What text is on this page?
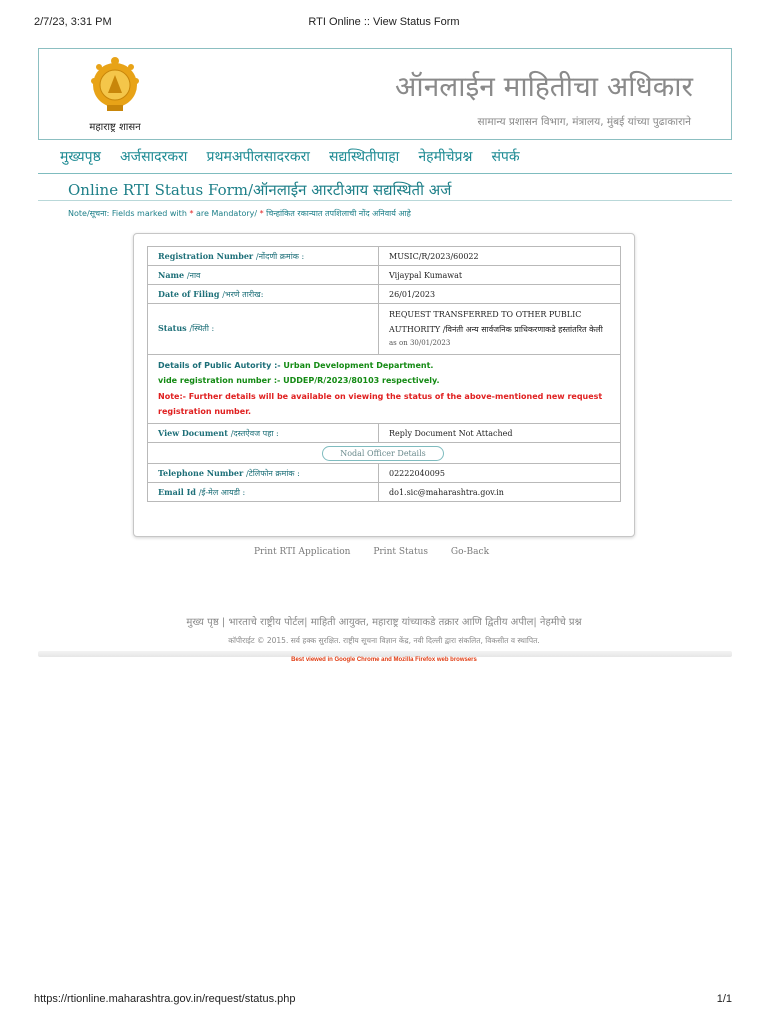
2/7/23, 3:31 PM	RTI Online :: View Status Form
महाराष्ट्र शासन
ऑनलाईन माहितीचा अधिकार
सामान्य प्रशासन विभाग, मंत्रालय, मुंबई यांच्या पुढाकाराने
मुख्यपृष्ठ अर्जसादरकरा प्रथमअपीलसादरकरा सद्यस्थितीपाहा नेहमीचेप्रश्न संपर्क
Online RTI Status Form/ऑनलाईन आरटीआय सद्यस्थिती अर्ज
Note/सूचना: Fields marked with * are Mandatory/ * चिन्हांकित रकान्यात तपशिलाची नोंद अनिवार्य आहे
Registration Number /नोंदणी क्रमांक :	MUSIC/R/2023/60022
Name /नाव	Vijaypal Kumawat
Date of Filing /भरणे तारीख:	26/01/2023
Status /स्थिती :	REQUEST TRANSFERRED TO OTHER PUBLIC AUTHORITY /विनंती अन्य सार्वजनिक प्राधिकरणाकडे हस्तांतरित केली
as on 30/01/2023

Details of Public Autority :- Urban Development Department.
vide registration number :- UDDEP/R/2023/80103 respectively.
Note:- Further details will be available on viewing the status of the above-mentioned new request registration number.	

View Document /दस्तऐवज पहा :	Reply Document Not Attached

Nodal Officer Details	

Telephone Number /टेलिफोन क्रमांक :	02222040095
Email Id /ई-मेल आयडी :	do1.sic@maharashtra.gov.in
Print RTI Application	Print Status	Go-Back
मुख्य पृष्ठ | भारताचे राष्ट्रीय पोर्टल| माहिती आयुक्त, महाराष्ट्र यांच्याकडे तक्रार आणि द्वितीय अपील| नेहमीचे प्रश्न
कॉपीराईट © 2015. सर्व हक्क सुरक्षित. राष्ट्रीय सूचना विज्ञान केंद्र, नवी दिल्ली द्वारा संकलित, विकसीत व स्थापित.
Best viewed in Google Chrome and Mozilla Firefox web browsers
https://rtionline.maharashtra.gov.in/request/status.php	1/1
